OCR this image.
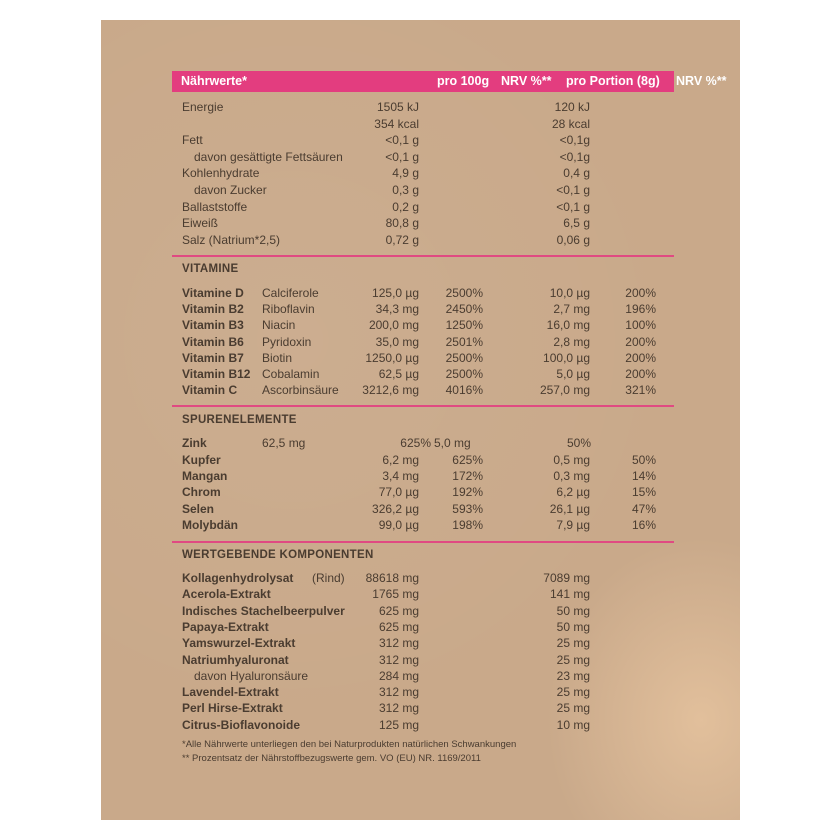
Nährwerte*	pro 100g NRV %** pro Portion (8g) NRV %**
Energie	1505 kJ	120 kJ
354 kcal	28 kcal
Fett	<0,1 g	<0,1g
davon gesättigte Fettsäuren	<0,1 g	<0,1g
Kohlenhydrate	4,9 g	0,4 g
davon Zucker	0,3 g	<0,1 g
Ballaststoffe	0,2 g	<0,1 g
Eiweiß	80,8 g	6,5 g
Salz (Natrium*2,5)	0,72 g	0,06 g
VITAMINE
Vitamine D Calciferole	125,0 µg 2500%	10,0 µg	200%
Vitamin B2 Riboflavin	34,3 mg 2450%	2,7 mg	196%
Vitamin B3 Niacin	200,0 mg 1250%	16,0 mg	100%
Vitamin B6 Pyridoxin	35,0 mg 2501%	2,8 mg	200%
Vitamin B7 Biotin	1250,0 µg 2500%	100,0 µg	200%
Vitamin B12 Cobalamin	62,5 µg 2500%	5,0 µg	200%
Vitamin C Ascorbinsäure 3212,6 mg 4016%	257,0 mg	321%
SPURENELEMENTE
Zink	62,5 mg	625% 5,0 mg	50%
Kupfer	6,2 mg	625%	0,5 mg	50%
Mangan	3,4 mg	172%	0,3 mg	14%
Chrom	77,0 µg	192%	6,2 µg	15%
Selen	326,2 µg	593%	26,1 µg	47%
Molybdän	99,0 µg	198%	7,9 µg	16%
WERTGEBENDE KOMPONENTEN
Kollagenhydrolysat (Rind) 88618 mg	7089 mg
Acerola-Extrakt	1765 mg	141 mg
Indisches Stachelbeerpulver	625 mg	50 mg
Papaya-Extrakt	625 mg	50 mg
Yamswurzel-Extrakt	312 mg	25 mg
Natriumhyaluronat	312 mg	25 mg
davon Hyaluronsäure	284 mg	23 mg
Lavendel-Extrakt	312 mg	25 mg
Perl Hirse-Extrakt	312 mg	25 mg
Citrus-Bioflavonoide	125 mg	10 mg
*Alle Nährwerte unterliegen den bei Naturprodukten natürlichen Schwankungen
** Prozentsatz der Nährstoffbezugswerte gem. VO (EU) NR. 1169/2011
